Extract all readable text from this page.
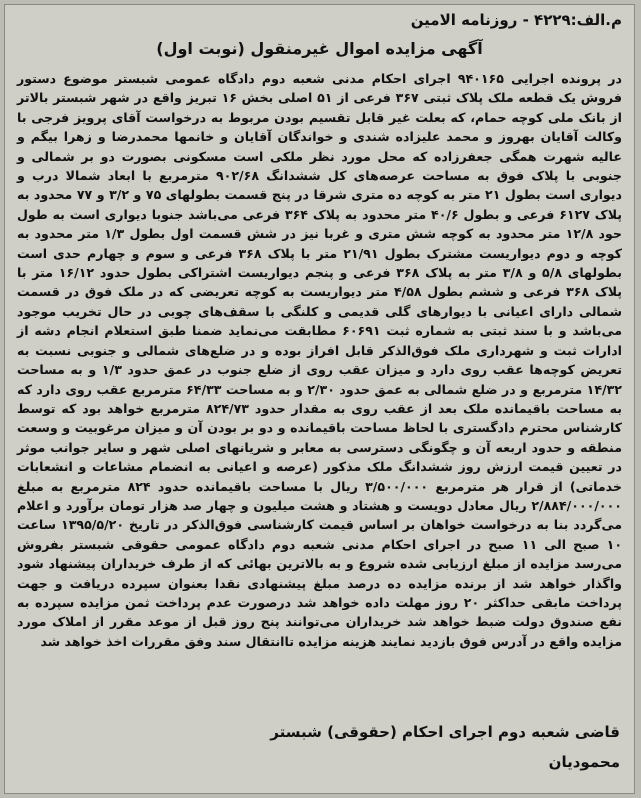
م.الف:۴۲۲۹ - روزنامه الامین
آگهی مزایده اموال غیرمنقول (نوبت اول)
در پرونده اجرایی ۹۴۰۱۶۵ اجرای احکام مدنی شعبه دوم دادگاه عمومی شبستر موضوع دستور فروش یک قطعه ملک پلاک ثبتی ۳۶۷ فرعی از ۵۱ اصلی بخش ۱۶ تبریز واقع در شهر شبستر بالاتر از بانک ملی کوچه حمام، که بعلت غیر قابل تقسیم بودن مربوط به درخواست آقای پرویز فرجی با وکالت آقایان بهروز و محمد علیزاده شندی و خواندگان آقایان و خانمها محمدرضا و زهرا بیگم و عالیه شهرت همگی جعفرزاده که محل مورد نظر ملکی است مسکونی بصورت دو بر شمالی و جنوبی با پلاک فوق به مساحت عرصه‌های کل ششدانگ ۹۰۲/۶۸ مترمربع با ابعاد شمالا درب و دیواری است بطول ۲۱ متر به کوچه ده متری شرقا در پنج قسمت بطولهای ۷۵ و ۳/۲ و ۷۷ محدود به پلاک ۶۱۲۷ فرعی و بطول ۴۰/۶ متر محدود به پلاک ۳۶۴ فرعی می‌باشد جنوبا دیواری است به طول حود ۱۲/۸ متر محدود به کوچه شش متری و غربا نیز در شش قسمت اول بطول ۱/۳ متر محدود به کوچه و دوم دیواریست مشترک بطول ۲۱/۹۱ متر با پلاک ۳۶۸ فرعی و سوم و چهارم حدی است بطولهای ۵/۸ و ۳/۸ متر به پلاک ۳۶۸ فرعی و پنجم دیواریست اشتراکی بطول حدود ۱۶/۱۲ متر با پلاک ۳۶۸ فرعی و ششم بطول ۴/۵۸ متر دیواریست به کوچه تعریضی که در ملک فوق در قسمت شمالی دارای اعیانی با دیوارهای گلی قدیمی و کلنگی با سقف‌های چوبی در حال تخریب موجود می‌باشد و با سند ثبتی به شماره ثبت ۶۰۶۹۱ مطابقت می‌نماید ضمنا طبق استعلام انجام دشه از ادارات ثبت و شهرداری ملک فوق‌الذکر قابل افراز بوده و در ضلع‌های شمالی و جنوبی نسبت به تعریض کوچه‌ها عقب روی دارد و میزان عقب روی از ضلع جنوب در عمق حدود ۱/۳ و به مساحت ۱۴/۳۲ مترمربع و در ضلع شمالی به عمق حدود ۲/۳۰ و به مساحت ۶۴/۳۳ مترمربع عقب روی دارد که به مساحت باقیمانده ملک بعد از عقب روی به مقدار حدود ۸۲۴/۷۳ مترمربع خواهد بود که توسط کارشناس محترم دادگستری با لحاظ مساحت باقیمانده و دو بر بودن آن و میزان مرغوبیت و وسعت منطقه و حدود اربعه آن و چگونگی دسترسی به معابر و شریانهای اصلی شهر و سایر جوانب موثر در تعیین قیمت ارزش روز ششدانگ ملک مذکور (عرصه و اعیانی به انضمام مشاعات و انشعابات خدماتی) از قرار هر مترمربع ۳/۵۰۰/۰۰۰ ریال با مساحت باقیمانده حدود ۸۲۴ مترمربع به مبلغ ۲/۸۸۴/۰۰۰/۰۰۰ ریال معادل دویست و هشتاد و هشت میلیون و چهار صد هزار تومان برآورد و اعلام می‌گردد بنا به درخواست خواهان بر اساس قیمت کارشناسی فوق‌الذکر در تاریخ ۱۳۹۵/۵/۲۰ ساعت ۱۰ صبح الی ۱۱ صبح در اجرای احکام مدنی شعبه دوم دادگاه عمومی حقوقی شبستر بفروش می‌رسد مزایده از مبلغ ارزیابی شده شروع و به بالاترین بهائی که از طرف خریداران پیشنهاد شود واگذار خواهد شد از برنده مزایده ده درصد مبلغ پیشنهادی نقدا بعنوان سپرده دریافت و جهت پرداخت مابقی حداکثر ۲۰ روز مهلت داده خواهد شد درصورت عدم پرداخت ثمن مزایده سپرده به نفع صندوق دولت ضبط خواهد شد خریداران می‌توانند پنج روز قبل از موعد مقرر از املاک مورد مزایده واقع در آدرس فوق بازدید نمایند هزینه مزایده تاانتقال سند وفق مقررات اخذ خواهد شد
قاضی شعبه دوم اجرای احکام (حقوقی) شبستر
محمودیان
